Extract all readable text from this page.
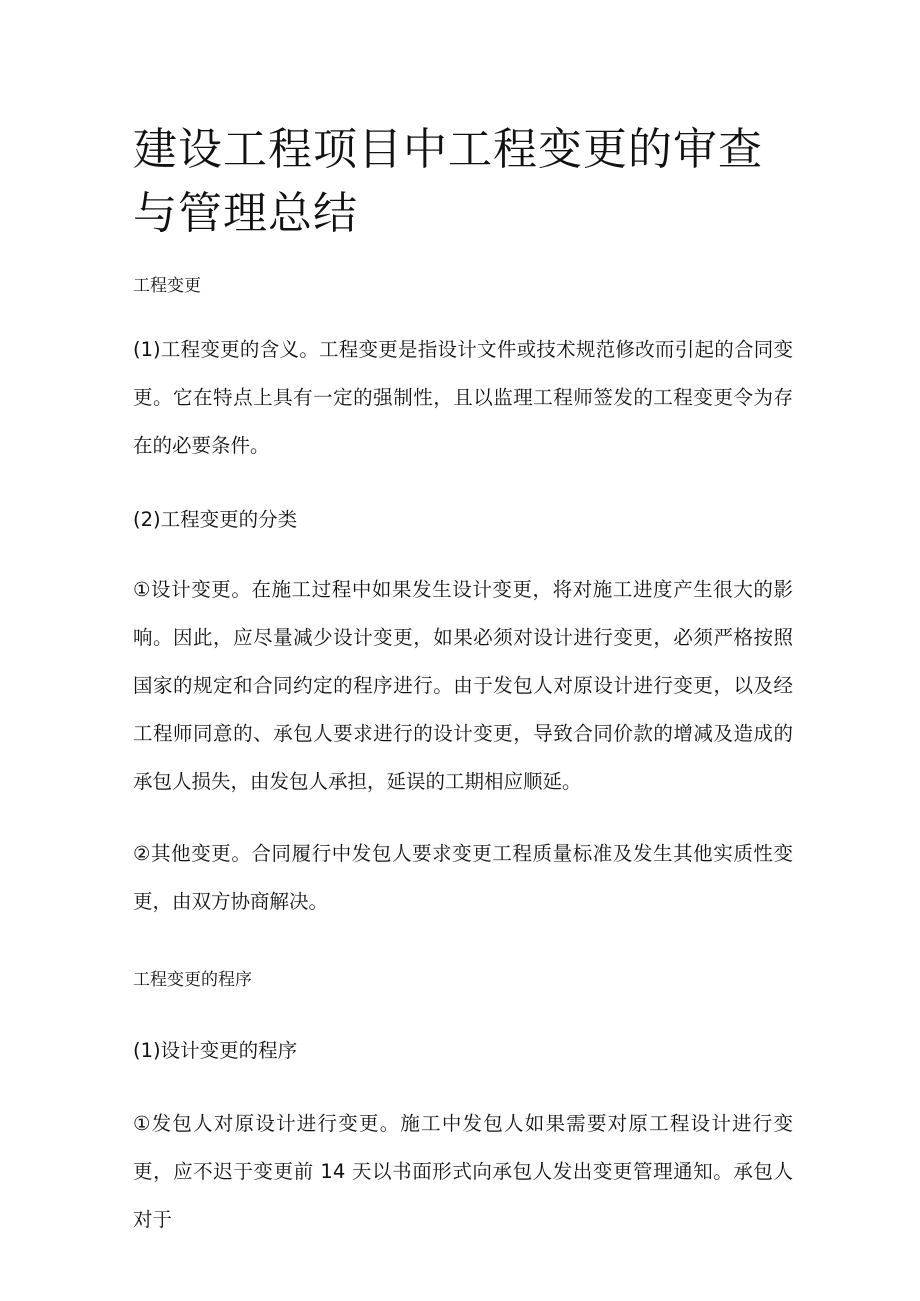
建设工程项目中工程变更的审查与管理总结

工程变更

(1)工程变更的含义。工程变更是指设计文件或技术规范修改而引起的合同变更。它在特点上具有一定的强制性，且以监理工程师签发的工程变更令为存在的必要条件。

(2)工程变更的分类

①设计变更。在施工过程中如果发生设计变更，将对施工进度产生很大的影响。因此，应尽量减少设计变更，如果必须对设计进行变更，必须严格按照国家的规定和合同约定的程序进行。由于发包人对原设计进行变更，以及经工程师同意的、承包人要求进行的设计变更，导致合同价款的增减及造成的承包人损失，由发包人承担，延误的工期相应顺延。

②其他变更。合同履行中发包人要求变更工程质量标准及发生其他实质性变更，由双方协商解决。

工程变更的程序

(1)设计变更的程序

①发包人对原设计进行变更。施工中发包人如果需要对原工程设计进行变更，应不迟于变更前 14 天以书面形式向承包人发出变更管理通知。承包人对于
